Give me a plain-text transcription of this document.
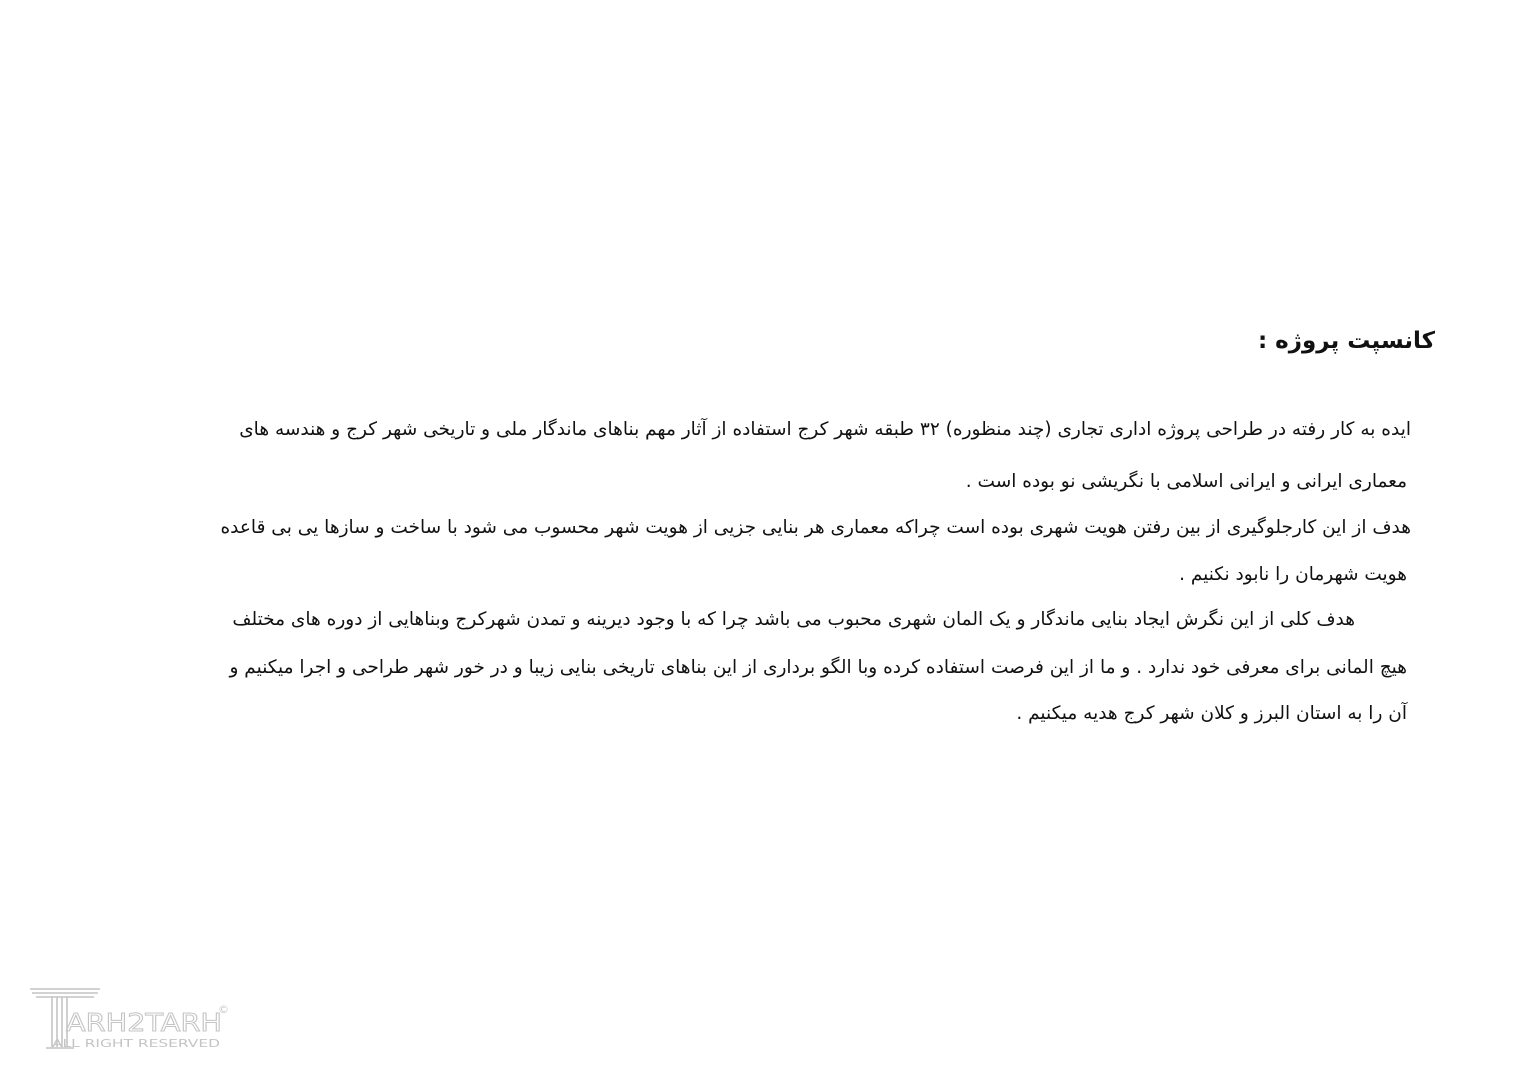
کانسپت پروژه :

ایده به کار رفته در طراحی پروژه اداری تجاری (چند منظوره) ۳۲ طبقه شهر کرج استفاده از آثار مهم بناهای ماندگار ملی و تاریخی شهر کرج و هندسه های

معماری ایرانی و ایرانی اسلامی با نگریشی نو بوده است .

هدف از این کارجلوگیری از بین رفتن هویت شهری بوده است چراکه معماری هر بنایی جزیی از هویت شهر محسوب می شود با ساخت و سازها یی بی قاعده

هویت شهرمان را نابود نکنیم .

هدف کلی از این نگرش ایجاد بنایی ماندگار و یک المان شهری محبوب می باشد چرا که با وجود دیرینه و تمدن شهرکرج وبناهایی از دوره های مختلف

هیچ المانی برای معرفی خود ندارد . و ما از این فرصت استفاده کرده وبا الگو برداری از این بناهای تاریخی بنایی زیبا و در خور شهر طراحی و اجرا میکنیم و

آن را به استان البرز و کلان شهر کرج هدیه میکنیم .

ARH2TARH
ALL RIGHT RESERVED
©
